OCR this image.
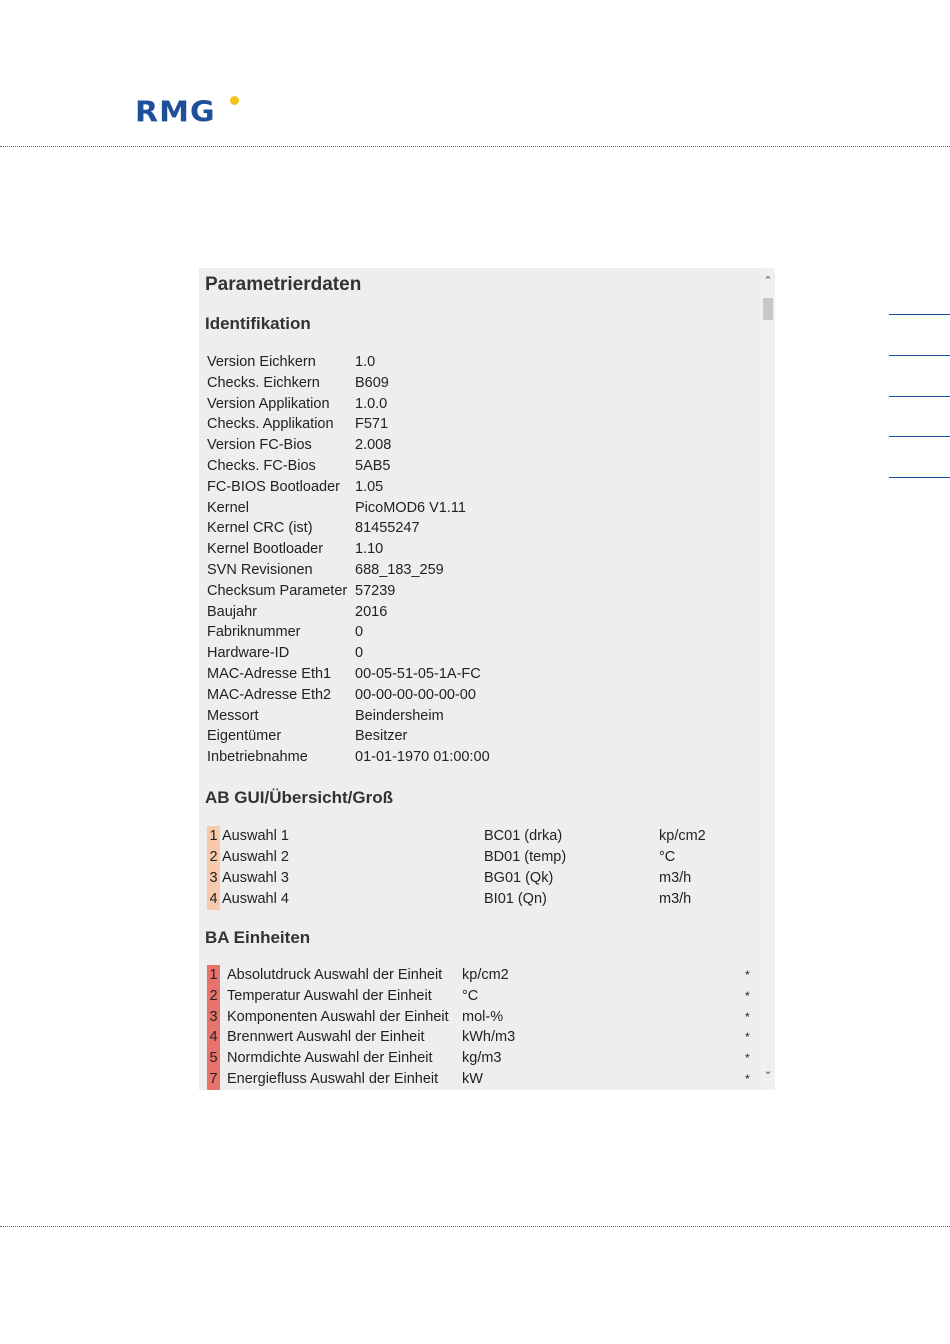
RMG
Parametrierdaten
Identifikation
Version Eichkern	1.0
Checks. Eichkern B609
Version Applikation 1.0.0
Checks. Applikation F571
Version FC-Bios	2.008
Checks. FC-Bios	5AB5
FC-BIOS Bootloader 1.05
Kernel	PicoMOD6 V1.11
Kernel CRC (ist)	81455247
Kernel Bootloader 1.10
SVN Revisionen	688_183_259
Checksum Parameter 57239
Baujahr	2016
Fabriknummer	0
Hardware-ID	0
MAC-Adresse Eth1 00-05-51-05-1A-FC
MAC-Adresse Eth2 00-00-00-00-00-00
Messort	Beindersheim
Eigentümer	Besitzer
Inbetriebnahme	01-01-1970 01:00:00
AB GUI/Übersicht/Groß
1 Auswahl 1	BC01 (drka)	kp/cm2
2 Auswahl 2	BD01 (temp)	°C
3 Auswahl 3	BG01 (Qk)	m3/h
4 Auswahl 4	BI01 (Qn)	m3/h
BA Einheiten
1 Absolutdruck Auswahl der Einheit kp/cm2	*
2 Temperatur Auswahl der Einheit °C	*
3 Komponenten Auswahl der Einheit mol-%	*
4 Brennwert Auswahl der Einheit	kWh/m3	*
5 Normdichte Auswahl der Einheit kg/m3	*
7 Energiefluss Auswahl der Einheit kW	*
⌃
⌄
